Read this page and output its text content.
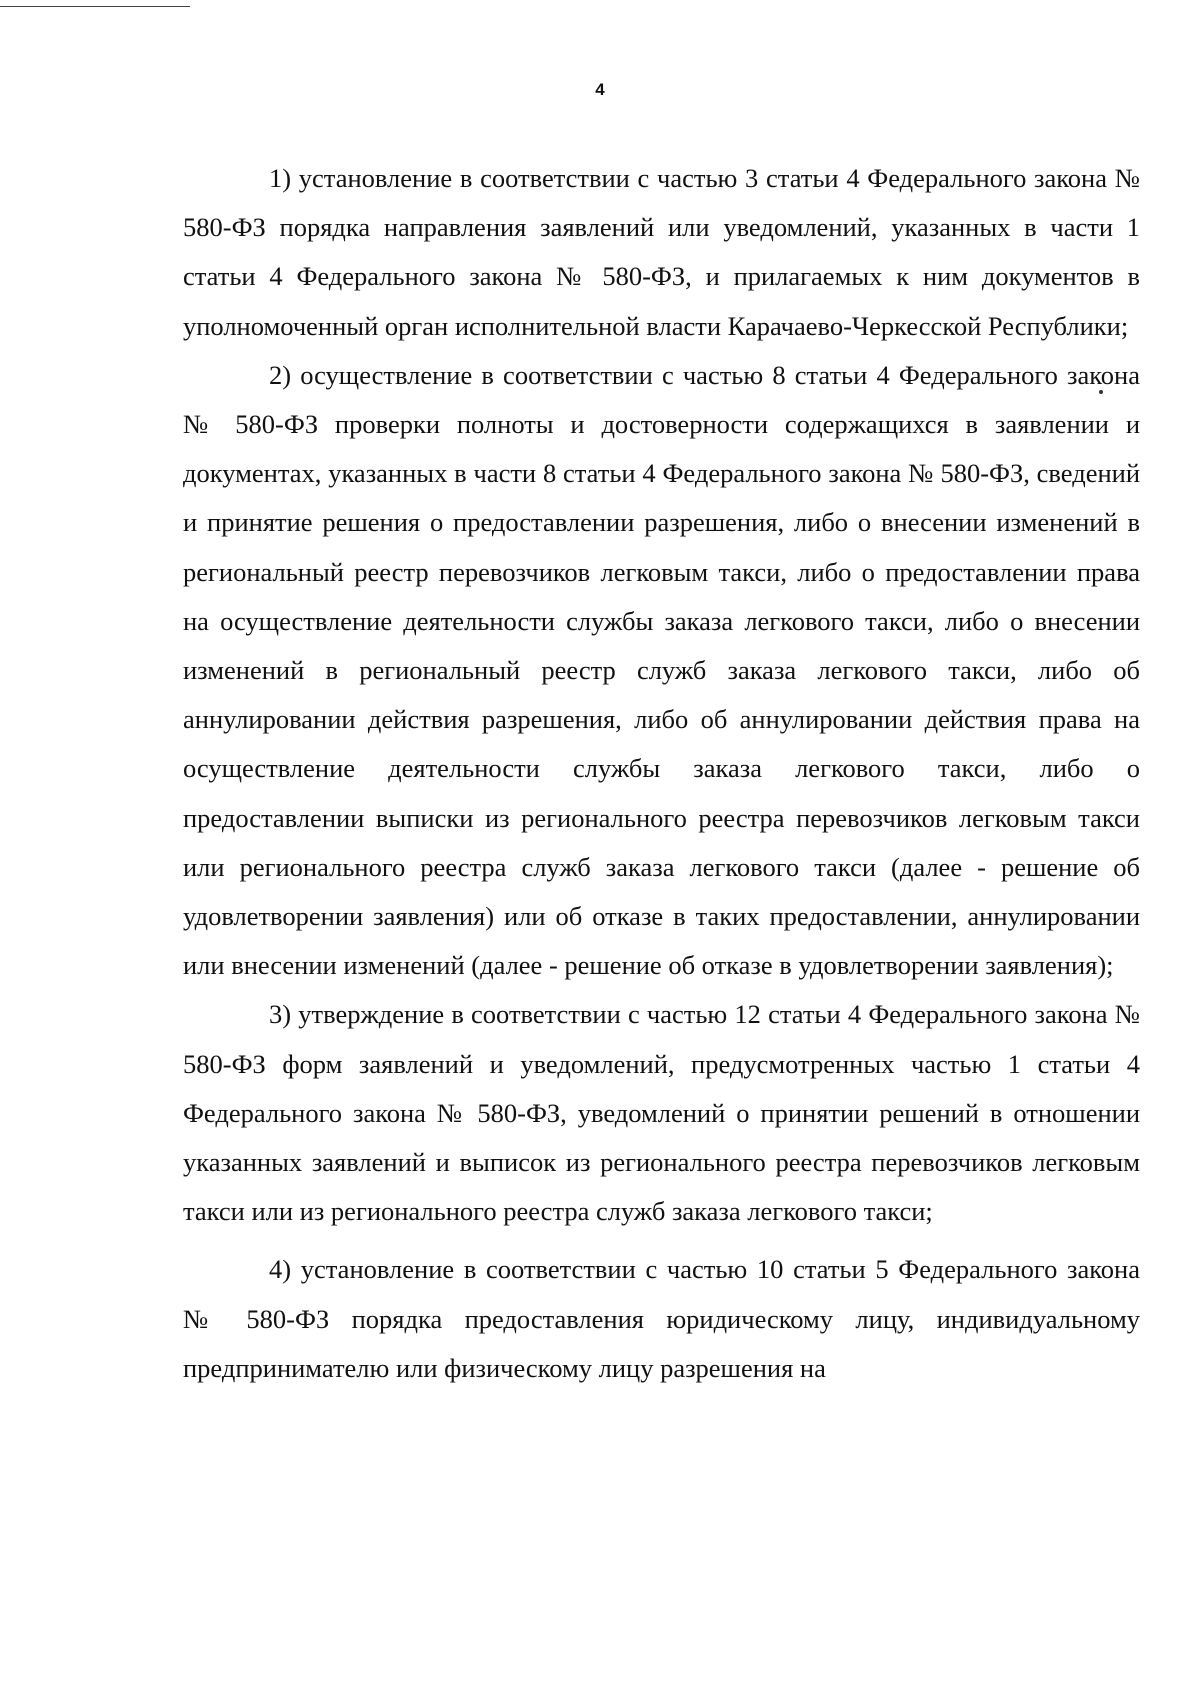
4

1) установление в соответствии с частью 3 статьи 4 Федерального закона № 580-ФЗ порядка направления заявлений или уведомлений, указанных в части 1 статьи 4 Федерального закона № 580-ФЗ, и прилагаемых к ним документов в уполномоченный орган исполнительной власти Карачаево-Черкесской Республики;

2) осуществление в соответствии с частью 8 статьи 4 Федерального закона № 580-ФЗ проверки полноты и достоверности содержащихся в заявлении и документах, указанных в части 8 статьи 4 Федерального закона № 580-ФЗ, сведений и принятие решения о предоставлении разрешения, либо о внесении изменений в региональный реестр перевозчиков легковым такси, либо о предоставлении права на осуществление деятельности службы заказа легкового такси, либо о внесении изменений в региональный реестр служб заказа легкового такси, либо об аннулировании действия разрешения, либо об аннулировании действия права на осуществление деятельности службы заказа легкового такси, либо о предоставлении выписки из регионального реестра перевозчиков легковым такси или регионального реестра служб заказа легкового такси (далее - решение об удовлетворении заявления) или об отказе в таких предоставлении, аннулировании или внесении изменений (далее - решение об отказе в удовлетворении заявления);

3) утверждение в соответствии с частью 12 статьи 4 Федерального закона № 580-ФЗ форм заявлений и уведомлений, предусмотренных частью 1 статьи 4 Федерального закона № 580-ФЗ, уведомлений о принятии решений в отношении указанных заявлений и выписок из регионального реестра перевозчиков легковым такси или из регионального реестра служб заказа легкового такси;

4) установление в соответствии с частью 10 статьи 5 Федерального закона № 580-ФЗ порядка предоставления юридическому лицу, индивидуальному предпринимателю или физическому лицу разрешения на
